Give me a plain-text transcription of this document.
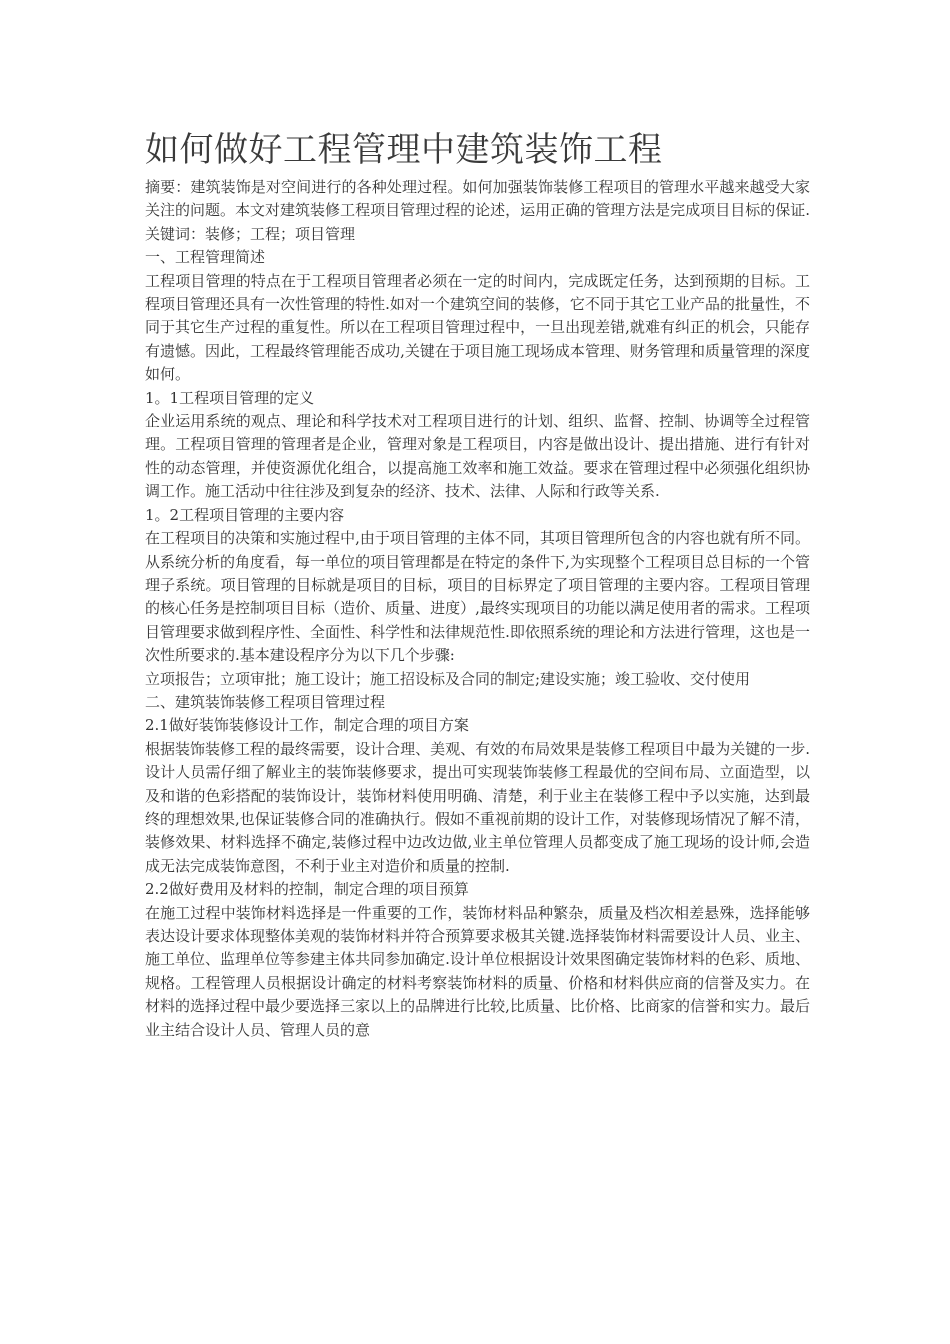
如何做好工程管理中建筑装饰工程

摘要：建筑装饰是对空间进行的各种处理过程。如何加强装饰装修工程项目的管理水平越来越受大家关注的问题。本文对建筑装修工程项目管理过程的论述，运用正确的管理方法是完成项目目标的保证.关键词：装修；工程；项目管理

一、工程管理简述

工程项目管理的特点在于工程项目管理者必须在一定的时间内，完成既定任务，达到预期的目标。工程项目管理还具有一次性管理的特性.如对一个建筑空间的装修，它不同于其它工业产品的批量性，不同于其它生产过程的重复性。所以在工程项目管理过程中，一旦出现差错,就难有纠正的机会，只能存有遗憾。因此，工程最终管理能否成功,关键在于项目施工现场成本管理、财务管理和质量管理的深度如何。

1。1工程项目管理的定义

企业运用系统的观点、理论和科学技术对工程项目进行的计划、组织、监督、控制、协调等全过程管理。工程项目管理的管理者是企业，管理对象是工程项目，内容是做出设计、提出措施、进行有针对性的动态管理，并使资源优化组合，以提高施工效率和施工效益。要求在管理过程中必须强化组织协调工作。施工活动中往往涉及到复杂的经济、技术、法律、人际和行政等关系.

1。2工程项目管理的主要内容

在工程项目的决策和实施过程中,由于项目管理的主体不同，其项目管理所包含的内容也就有所不同。从系统分析的角度看，每一单位的项目管理都是在特定的条件下,为实现整个工程项目总目标的一个管理子系统。项目管理的目标就是项目的目标，项目的目标界定了项目管理的主要内容。工程项目管理的核心任务是控制项目目标（造价、质量、进度）,最终实现项目的功能以满足使用者的需求。工程项目管理要求做到程序性、全面性、科学性和法律规范性.即依照系统的理论和方法进行管理，这也是一次性所要求的.基本建设程序分为以下几个步骤:

立项报告；立项审批；施工设计；施工招设标及合同的制定;建设实施；竣工验收、交付使用

二、建筑装饰装修工程项目管理过程

2.1做好装饰装修设计工作，制定合理的项目方案

根据装饰装修工程的最终需要，设计合理、美观、有效的布局效果是装修工程项目中最为关键的一步.设计人员需仔细了解业主的装饰装修要求，提出可实现装饰装修工程最优的空间布局、立面造型，以及和谐的色彩搭配的装饰设计，装饰材料使用明确、清楚，利于业主在装修工程中予以实施，达到最终的理想效果,也保证装修合同的准确执行。假如不重视前期的设计工作，对装修现场情况了解不清，装修效果、材料选择不确定,装修过程中边改边做,业主单位管理人员都变成了施工现场的设计师,会造成无法完成装饰意图，不利于业主对造价和质量的控制.

2.2做好费用及材料的控制，制定合理的项目预算

在施工过程中装饰材料选择是一件重要的工作，装饰材料品种繁杂，质量及档次相差悬殊，选择能够表达设计要求体现整体美观的装饰材料并符合预算要求极其关键.选择装饰材料需要设计人员、业主、施工单位、监理单位等参建主体共同参加确定.设计单位根据设计效果图确定装饰材料的色彩、质地、规格。工程管理人员根据设计确定的材料考察装饰材料的质量、价格和材料供应商的信誉及实力。在材料的选择过程中最少要选择三家以上的品牌进行比较,比质量、比价格、比商家的信誉和实力。最后业主结合设计人员、管理人员的意
